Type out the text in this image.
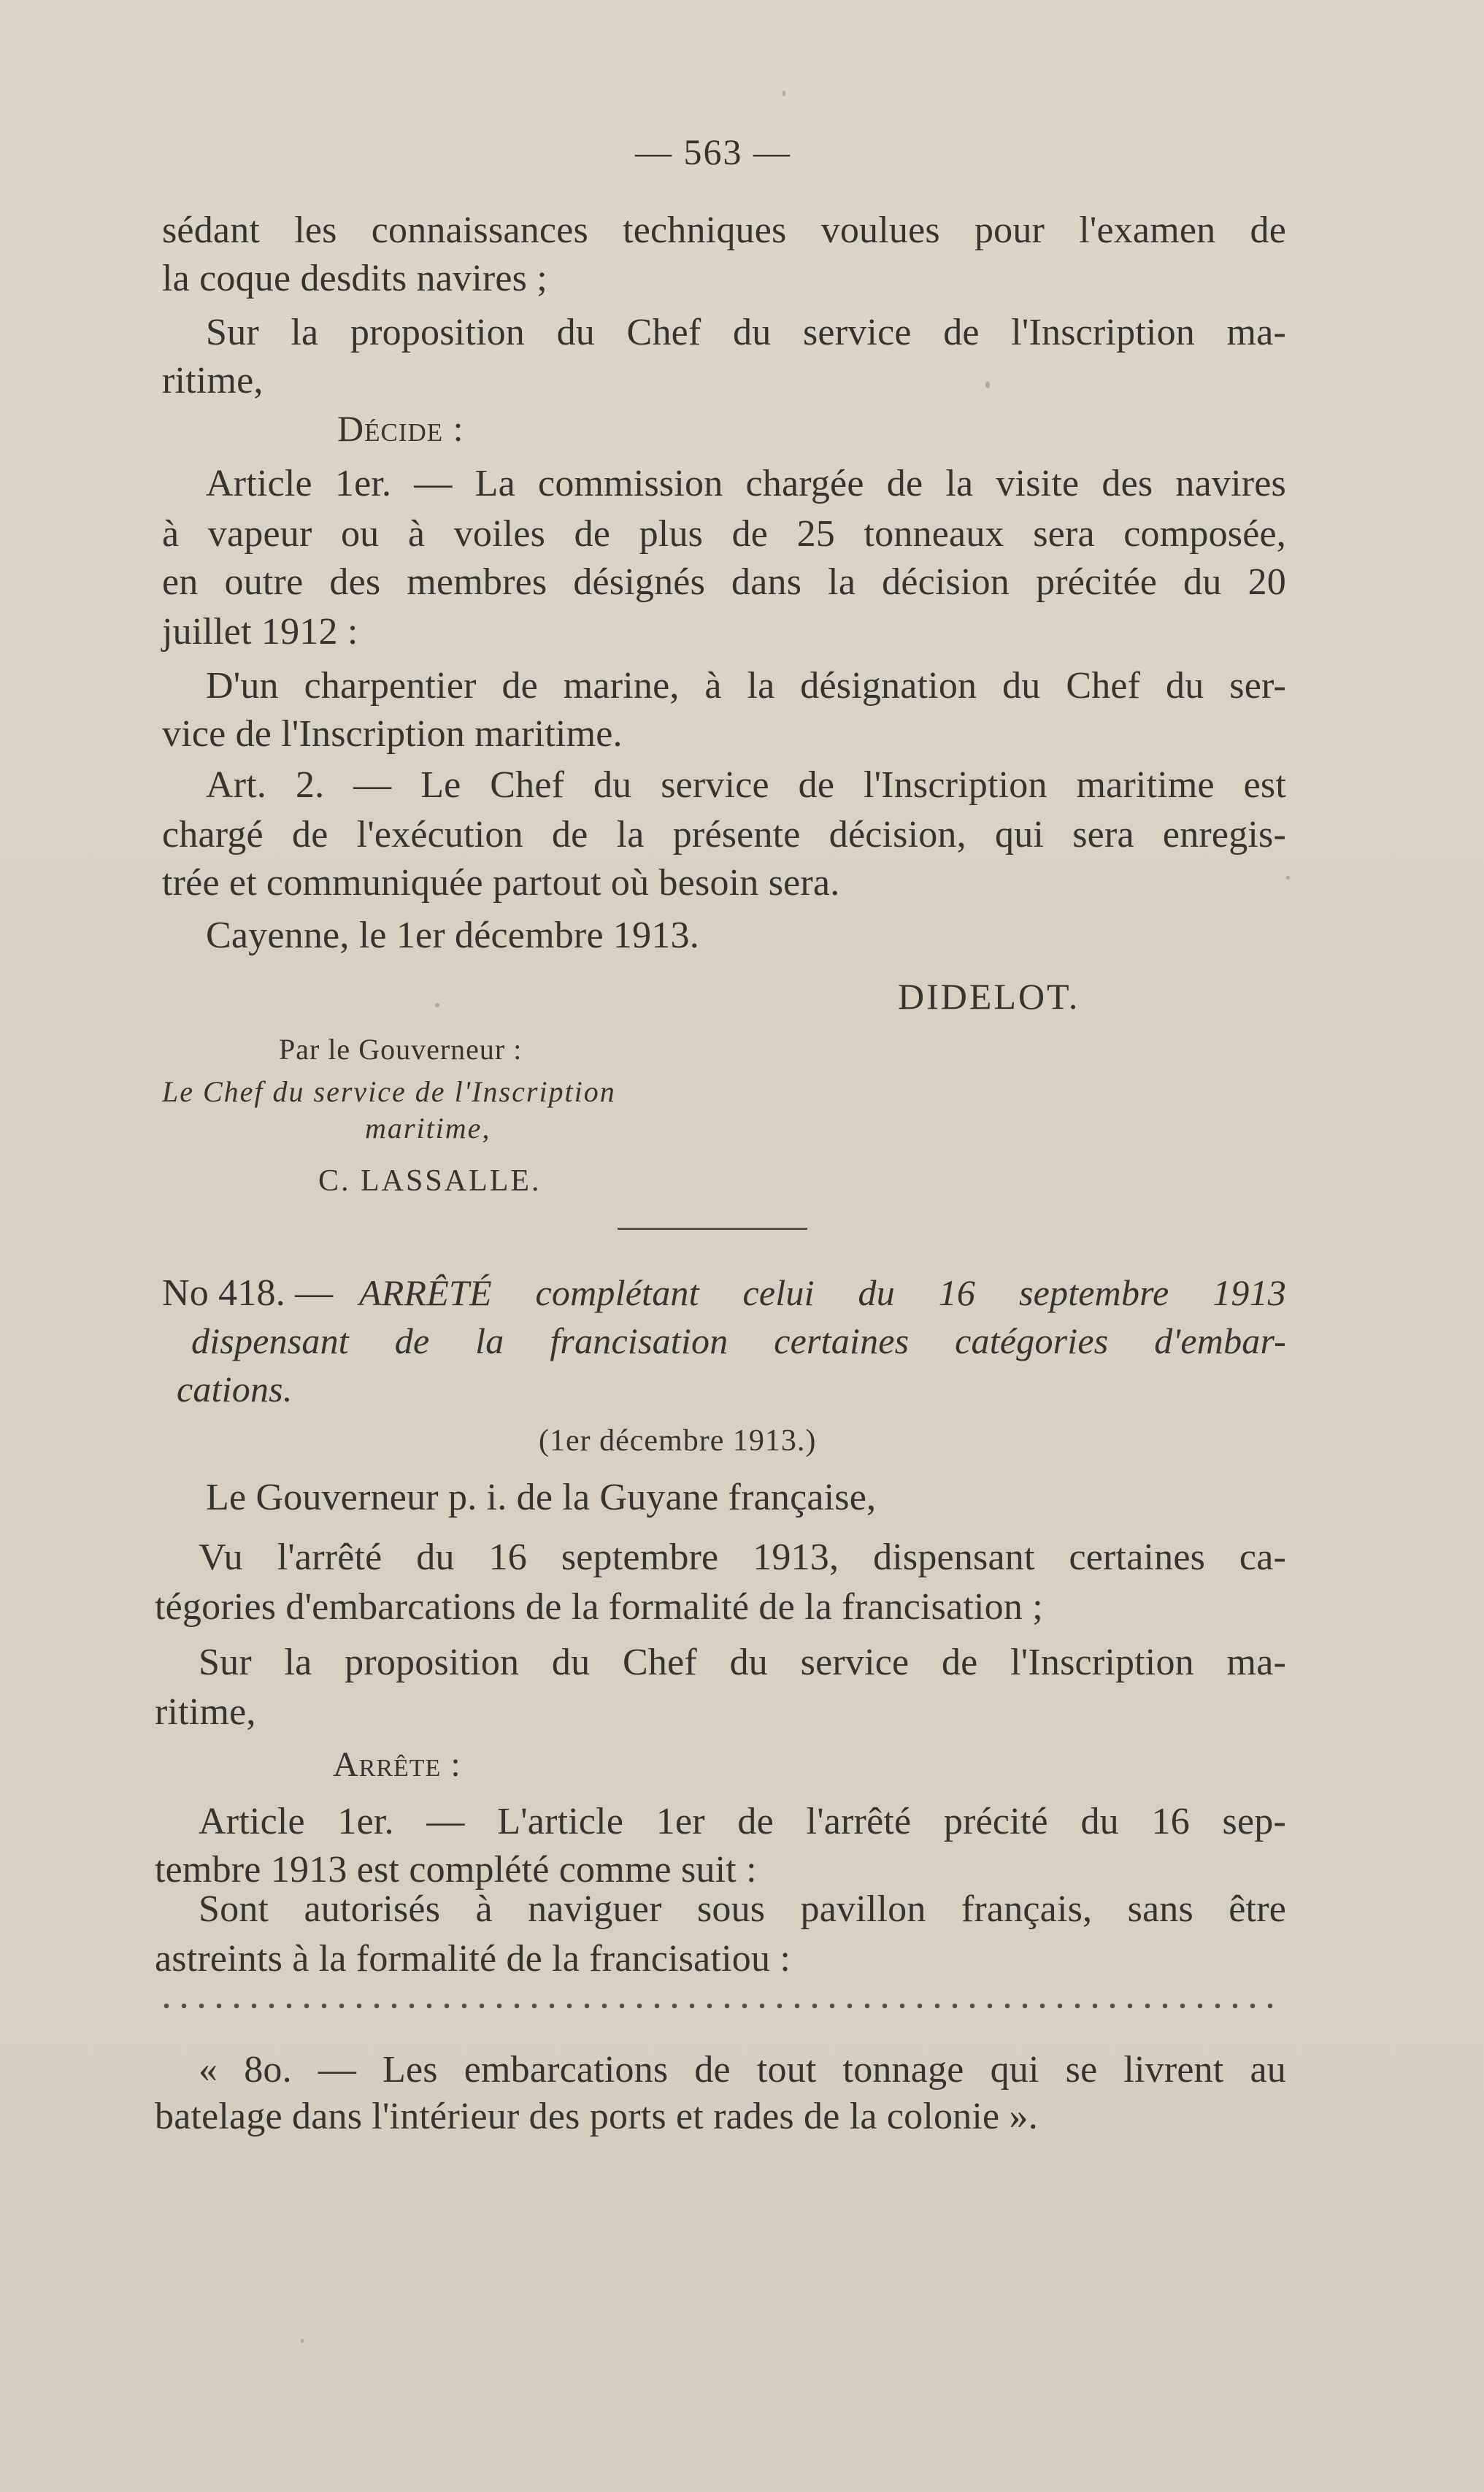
— 563 —
sédant les connaissances techniques voulues pour l'examen de
la coque desdits navires ;
Sur la proposition du Chef du service de l'Inscription ma-
ritime,
Décide :
Article 1er. — La commission chargée de la visite des navires
à vapeur ou à voiles de plus de 25 tonneaux sera composée,
en outre des membres désignés dans la décision précitée du 20
juillet 1912 :
D'un charpentier de marine, à la désignation du Chef du ser-
vice de l'Inscription maritime.
Art. 2. — Le Chef du service de l'Inscription maritime est
chargé de l'exécution de la présente décision, qui sera enregis-
trée et communiquée partout où besoin sera.
Cayenne, le 1er décembre 1913.
DIDELOT.
Par le Gouverneur :
Le Chef du service de l'Inscription
maritime,
C. LASSALLE.
No 418. — ARRÊTÉ complétant celui du 16 septembre 1913
dispensant de la francisation certaines catégories d'embar-
cations.
(1er décembre 1913.)
Le Gouverneur p. i. de la Guyane française,
Vu l'arrêté du 16 septembre 1913, dispensant certaines ca-
tégories d'embarcations de la formalité de la francisation ;
Sur la proposition du Chef du service de l'Inscription ma-
ritime,
Arrête :
Article 1er. — L'article 1er de l'arrêté précité du 16 sep-
tembre 1913 est complété comme suit :
Sont autorisés à naviguer sous pavillon français, sans être
astreints à la formalité de la francisatiou :
« 8o. — Les embarcations de tout tonnage qui se livrent au
batelage dans l'intérieur des ports et rades de la colonie ».
